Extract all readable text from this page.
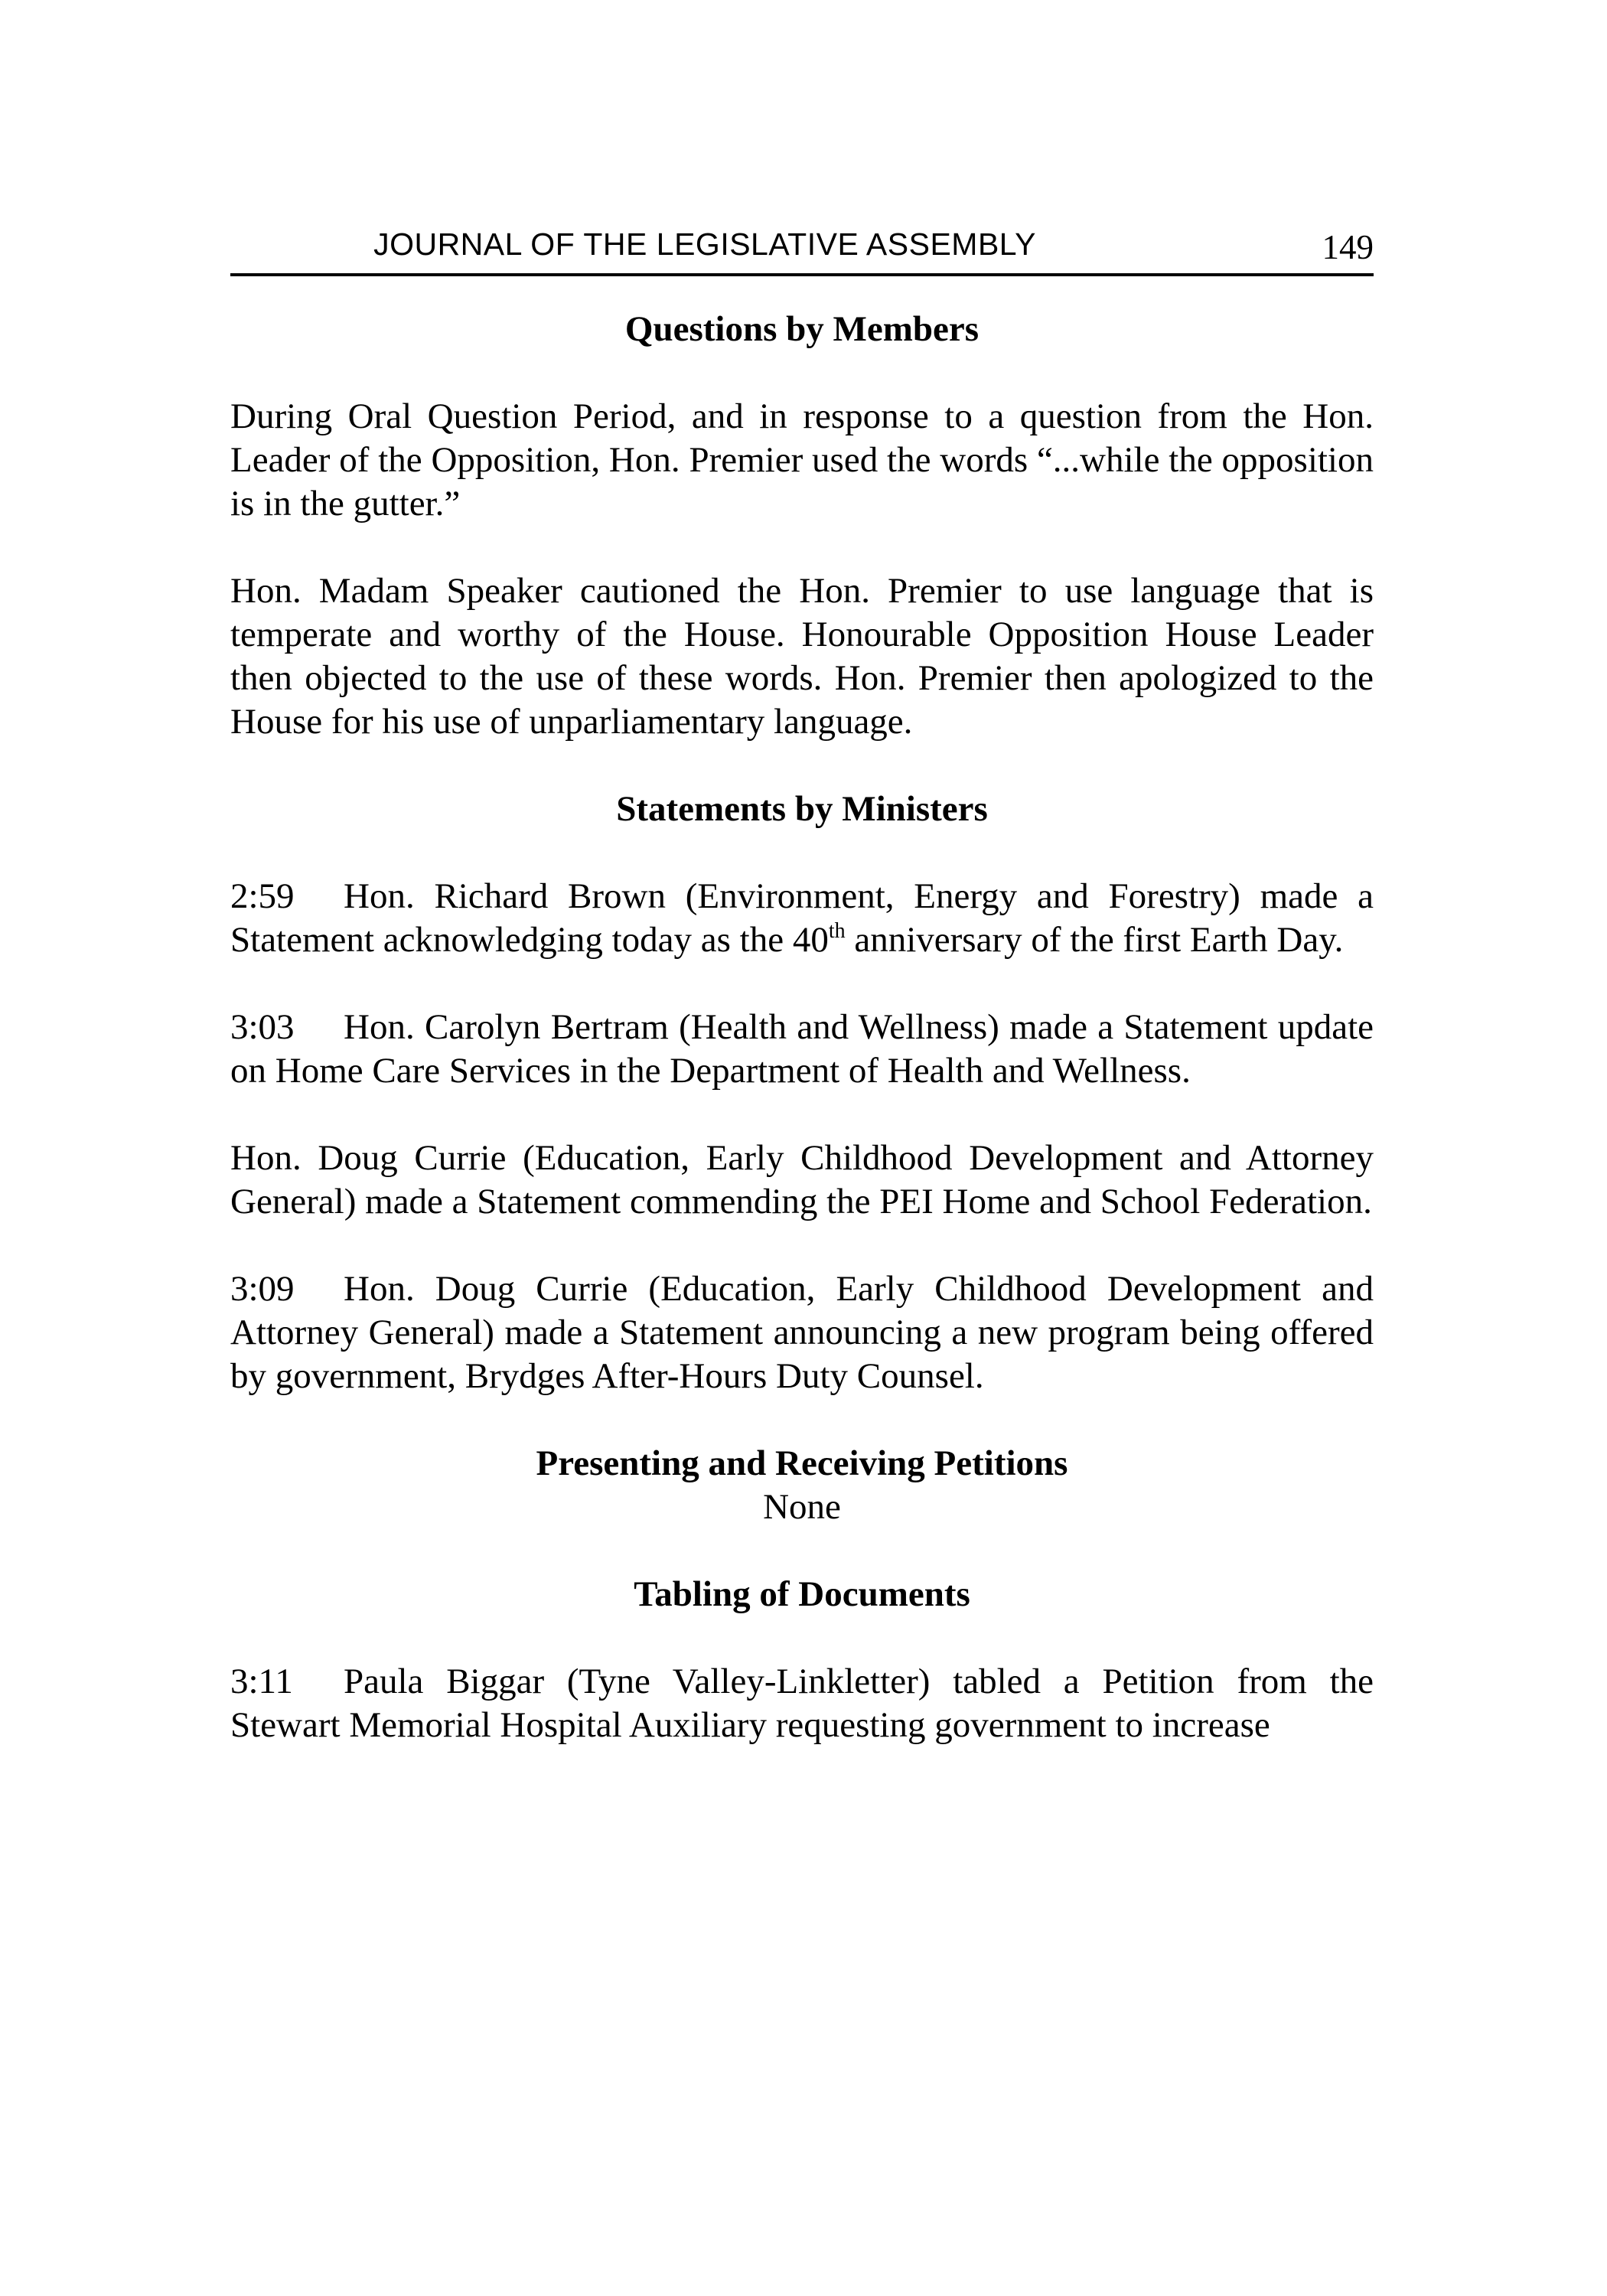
JOURNAL OF THE LEGISLATIVE ASSEMBLY	149

Questions by Members

During Oral Question Period, and in response to a question from the Hon. Leader of the Opposition, Hon. Premier used the words “...while the opposition is in the gutter.”

Hon. Madam Speaker cautioned the Hon. Premier to use language that is temperate and worthy of the House. Honourable Opposition House Leader then objected to the use of these words. Hon. Premier then apologized to the House for his use of unparliamentary language.

Statements by Ministers

2:59 Hon. Richard Brown (Environment, Energy and Forestry) made a Statement acknowledging today as the 40th anniversary of the first Earth Day.

3:03 Hon. Carolyn Bertram (Health and Wellness) made a Statement update on Home Care Services in the Department of Health and Wellness.

Hon. Doug Currie (Education, Early Childhood Development and Attorney General) made a Statement commending the PEI Home and School Federation.

3:09 Hon. Doug Currie (Education, Early Childhood Development and Attorney General) made a Statement announcing a new program being offered by government, Brydges After-Hours Duty Counsel.

Presenting and Receiving Petitions

None

Tabling of Documents

3:11 Paula Biggar (Tyne Valley-Linkletter) tabled a Petition from the Stewart Memorial Hospital Auxiliary requesting government to increase
